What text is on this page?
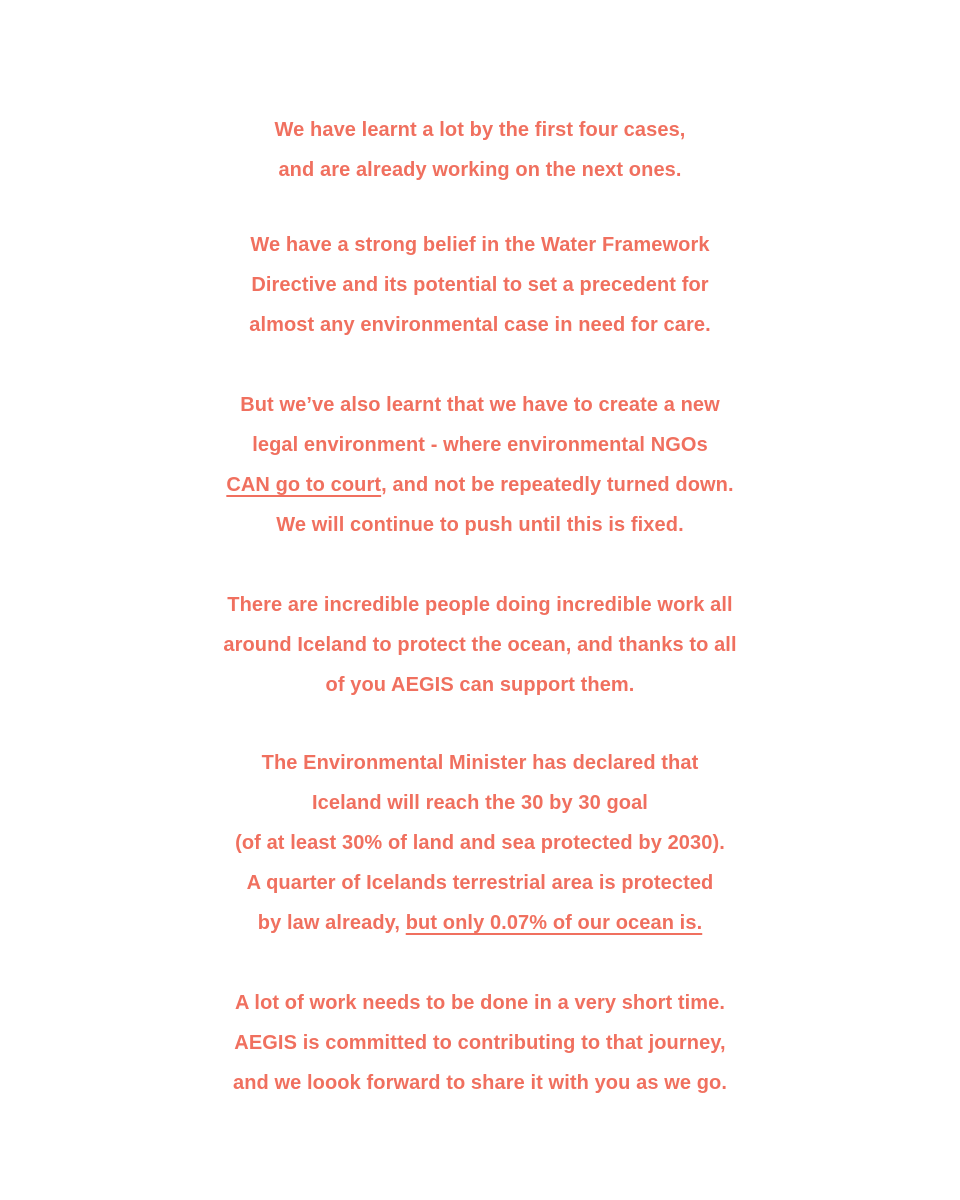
We have learnt a lot by the first four cases,
and are already working on the next ones.

We have a strong belief in the Water Framework
Directive and its potential to set a precedent for
almost any environmental case in need for care.

But we’ve also learnt that we have to create a new
legal environment - where environmental NGOs
CAN go to court, and not be repeatedly turned down.
We will continue to push until this is fixed.

There are incredible people doing incredible work all
around Iceland to protect the ocean, and thanks to all
of you AEGIS can support them.

The Environmental Minister has declared that
Iceland will reach the 30 by 30 goal
(of at least 30% of land and sea protected by 2030).
A quarter of Icelands terrestrial area is protected
by law already, but only 0.07% of our ocean is.

A lot of work needs to be done in a very short time.
AEGIS is committed to contributing to that journey,
and we loook forward to share it with you as we go.
